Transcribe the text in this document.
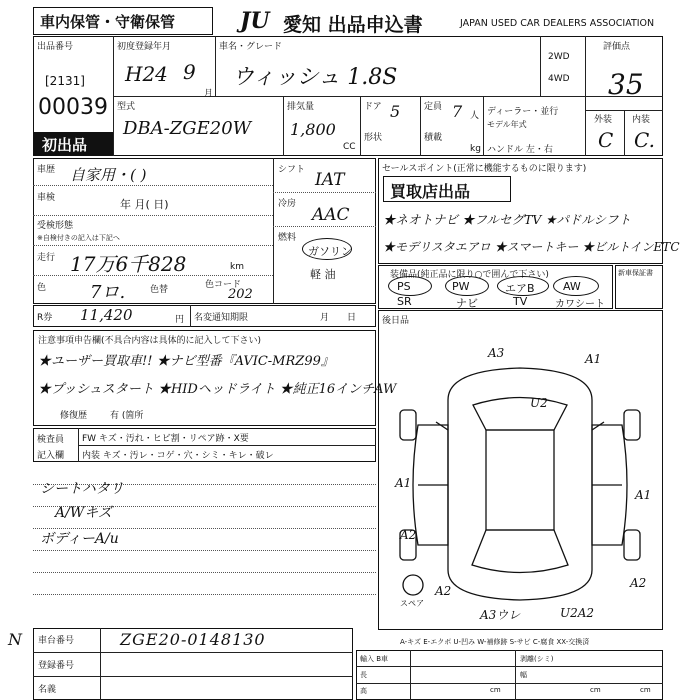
車内保管・守衛保管	JU 愛知 出品申込書	JAPAN USED CAR DEALERS ASSOCIATION
出品番号
[2131]
00039
初出品
初度登録年月
H24 9
月
車名・グレード
ウィッシュ 1.8S
2WD
4WD
評価点
35
外装 内装
C C.
型式
DBA-ZGE20W
排気量
1,800
CC
ドア 5
形状
定員 7 人
積載
kg
ディーラー・並行
モデル年式
ハンドル 左・右
車歴 自家用・( )
車検	年 月( 日)
受検形態
※自検付きの記入は下記へ
走行 17万6千828	km
色 7ロ.	色替	色コード
202
シフト IAT
冷房
AAC
燃料
ガソリン
軽 油
R券 11,420	円 名変通知期限	月日
セールスポイント(正常に機能するものに限ります)
買取店出品
★ネオトナビ ★フルセグTV ★パドルシフト
★モデリスタエアロ ★スマートキー ★ビルトインETC
装備品(純正品に限り○で囲んで下さい)
PS	PW	エアB	AW
SR	ナビ	TV	カワシート
新車保証書
注意事項申告欄(不具合内容は具体的に記入して下さい)
★ユーザー買取車!! ★ナビ型番『AVIC-MRZ99』
★プッシュスタート ★HIDヘッドライト ★純正16インチAW
修復歴	有 (箇所
検査員
記入欄
FW キズ・汚れ・ヒビ割・リペア跡・X要
内装 キズ・汚レ・コゲ・穴・シミ・キレ・破レ
シートハタリ
A/Wキズ
ボディーA/u
後日品
A3	A1
U2
A1
A1
A2
A2
A2
A3ウレ	U2A2
スペア
N 車台番号	ZGE20-0148130
登録番号
名義
A-キズ E-エクボ U-凹み W-補修跡 S-サビ C-腐食 XX-交換済
輸入 B車	剥離(シミ)
長
cm
幅
cm
高	cm
